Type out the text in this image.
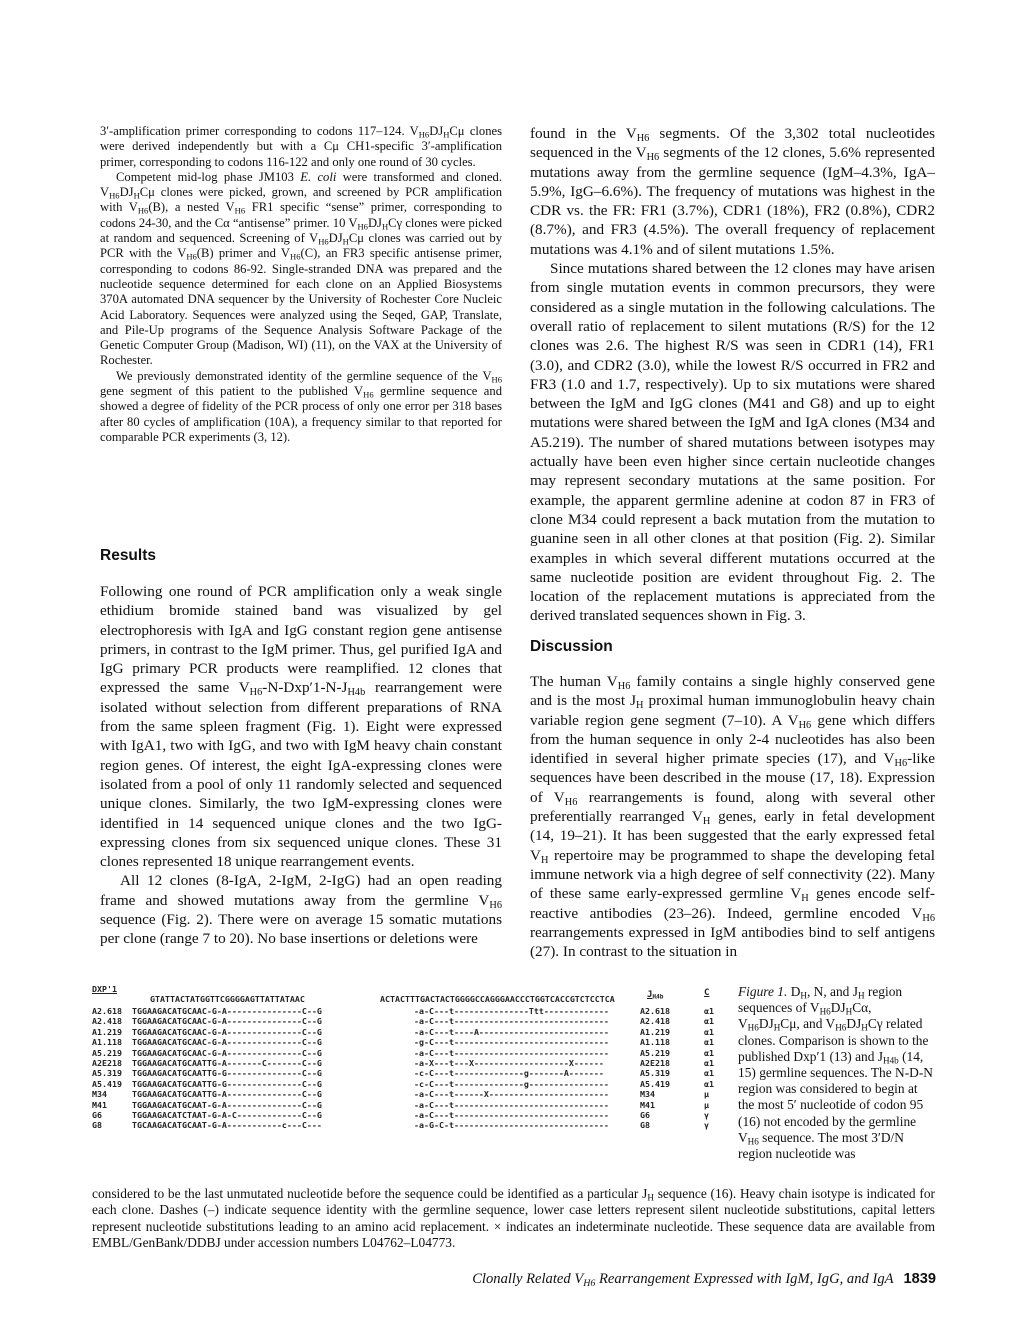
3′-amplification primer corresponding to codons 117–124. $V_{H6}DJ_HC\mu$ clones were derived independently but with a Cμ CH1-specific 3′-amplification primer, corresponding to codons 116-122 and only one round of 30 cycles.

Competent mid-log phase JM103 E. coli were transformed and cloned. $V_{H6}DJ_HC\mu$ clones were picked, grown, and screened by PCR amplification with $V_{H6}(B)$, a nested $V_{H6}$ FR1 specific “sense” primer, corresponding to codons 24-30, and the Cα “antisense” primer. 10 $V_{H6}DJ_HC\gamma$ clones were picked at random and sequenced. Screening of $V_{H6}DJ_HC\mu$ clones was carried out by PCR with the $V_{H6}(B)$ primer and $V_{H6}(C)$, an FR3 specific antisense primer, corresponding to codons 86-92. Single-stranded DNA was prepared and the nucleotide sequence determined for each clone on an Applied Biosystems 370A automated DNA sequencer by the University of Rochester Core Nucleic Acid Laboratory. Sequences were analyzed using the Seqed, GAP, Translate, and Pile-Up programs of the Sequence Analysis Software Package of the Genetic Computer Group (Madison, WI) (11), on the VAX at the University of Rochester.

We previously demonstrated identity of the germline sequence of the $V_{H6}$ gene segment of this patient to the published $V_{H6}$ germline sequence and showed a degree of fidelity of the PCR process of only one error per 318 bases after 80 cycles of amplification (10A), a frequency similar to that reported for comparable PCR experiments (3, 12).

Results

Following one round of PCR amplification only a weak single ethidium bromide stained band was visualized by gel electrophoresis with IgA and IgG constant region gene antisense primers, in contrast to the IgM primer. Thus, gel purified IgA and IgG primary PCR products were reamplified. 12 clones that expressed the same $V_{H6}-N-Dxp'1-N-J_{H4b}$ rearrangement were isolated without selection from different preparations of RNA from the same spleen fragment (Fig. 1). Eight were expressed with IgA1, two with IgG, and two with IgM heavy chain constant region genes. Of interest, the eight IgA-expressing clones were isolated from a pool of only 11 randomly selected and sequenced unique clones. Similarly, the two IgM-expressing clones were identified in 14 sequenced unique clones and the two IgG-expressing clones from six sequenced unique clones. These 31 clones represented 18 unique rearrangement events.

All 12 clones (8-IgA, 2-IgM, 2-IgG) had an open reading frame and showed mutations away from the germline $V_{H6}$ sequence (Fig. 2). There were on average 15 somatic mutations per clone (range 7 to 20). No base insertions or deletions were

found in the $V_{H6}$ segments. Of the 3,302 total nucleotides sequenced in the $V_{H6}$ segments of the 12 clones, 5.6% represented mutations away from the germline sequence (IgM–4.3%, IgA–5.9%, IgG–6.6%). The frequency of mutations was highest in the CDR vs. the FR: FR1 (3.7%), CDR1 (18%), FR2 (0.8%), CDR2 (8.7%), and FR3 (4.5%). The overall frequency of replacement mutations was 4.1% and of silent mutations 1.5%.

Since mutations shared between the 12 clones may have arisen from single mutation events in common precursors, they were considered as a single mutation in the following calculations. The overall ratio of replacement to silent mutations (R/S) for the 12 clones was 2.6. The highest R/S was seen in CDR1 (14), FR1 (3.0), and CDR2 (3.0), while the lowest R/S occurred in FR2 and FR3 (1.0 and 1.7, respectively). Up to six mutations were shared between the IgM and IgG clones (M41 and G8) and up to eight mutations were shared between the IgM and IgA clones (M34 and A5.219). The number of shared mutations between isotypes may actually have been even higher since certain nucleotide changes may represent secondary mutations at the same position. For example, the apparent germline adenine at codon 87 in FR3 of clone M34 could represent a back mutation from the mutation to guanine seen in all other clones at that position (Fig. 2). Similar examples in which several different mutations occurred at the same nucleotide position are evident throughout Fig. 2. The location of the replacement mutations is appreciated from the derived translated sequences shown in Fig. 3.

Discussion

The human $V_{H6}$ family contains a single highly conserved gene and is the most $J_H$ proximal human immunoglobulin heavy chain variable region gene segment (7–10). A $V_{H6}$ gene which differs from the human sequence in only 2-4 nucleotides has also been identified in several higher primate species (17), and $V_{H6}$-like sequences have been described in the mouse (17, 18). Expression of $V_{H6}$ rearrangements is found, along with several other preferentially rearranged $V_H$ genes, early in fetal development (14, 19–21). It has been suggested that the early expressed fetal $V_H$ repertoire may be programmed to shape the developing fetal immune network via a high degree of self connectivity (22). Many of these same early-expressed germline $V_H$ genes encode self-reactive antibodies (23–26). Indeed, germline encoded $V_{H6}$ rearrangements expressed in IgM antibodies bind to self antigens (27). In contrast to the situation in

DXP'1
GTATTACTATGGTTCGGGGAGTTATTATAAC	ACTACTTTGACTACTGGGGCCAGGGAACCCTGGTCACCGTCTCCTCA	$J_{H4b}$	C
A2.618 TGGAAGACATGCAAC-G-A---------------C--G	-a-C---t---------------Ttt-------------	A2.618	α1
A2.418 TGGAAGACATGCAAC-G-A---------------C--G	-a-C---t-------------------------------	A2.418	α1
A1.219 TGGAAGACATGCAAC-G-A---------------C--G	-a-C---t----A--------------------------	A1.219	α1
A1.118 TGGAAGACATGCAAC-G-A---------------C--G	-g-C---t-------------------------------	A1.118	α1
A5.219 TGGAAGACATGCAAC-G-A---------------C--G	-a-C---t-------------------------------	A5.219	α1
A2E218 TGGAAGACATGCAATTG-A-------C-------C--G	-a-X---t---X-------------------X------	A2E218	α1
A5.319 TGGAAGACATGCAATTG-G---------------C--G	-c-C---t--------------g-------A-------	A5.319	α1
A5.419 TGGAAGACATGCAATTG-G---------------C--G	-c-C---t--------------g----------------	A5.419	α1
M34	TGGAAGACATGCAATTG-A---------------C--G	-a-C---t------X------------------------	M34	μ
M41	TGGAAGACATGCAAT-G-A---------------C--G	-a-C---t-------------------------------	M41	μ
G6	TGGAAGACATCTAAT-G-A-C-------------C--G	-a-C---t-------------------------------	G6	γ
G8	TGCAAGACATGCAAT-G-A-----------c---C---	-a-G-C-t-------------------------------	G8	γ
Figure 1. $D_H$, N, and $J_H$ region sequences of $V_{H6}DJ_HC\alpha$, $V_{H6}DJ_HC\mu$, and $V_{H6}DJ_HC\gamma$ related clones. Comparison is shown to the published Dxp′1 (13) and $J_{H4b}$ (14, 15) germline sequences. The N-D-N region was considered to begin at the most 5′ nucleotide of codon 95 (16) not encoded by the germline $V_{H6}$ sequence. The most 3′D/N region nucleotide was
considered to be the last unmutated nucleotide before the sequence could be identified as a particular $J_H$ sequence (16). Heavy chain isotype is indicated for each clone. Dashes (–) indicate sequence identity with the germline sequence, lower case letters represent silent nucleotide substitutions, capital letters represent nucleotide substitutions leading to an amino acid replacement. × indicates an indeterminate nucleotide. These sequence data are available from EMBL/GenBank/DDBJ under accession numbers L04762–L04773.
Clonally Related $V_{H6}$ Rearrangement Expressed with IgM, IgG, and IgA 1839
